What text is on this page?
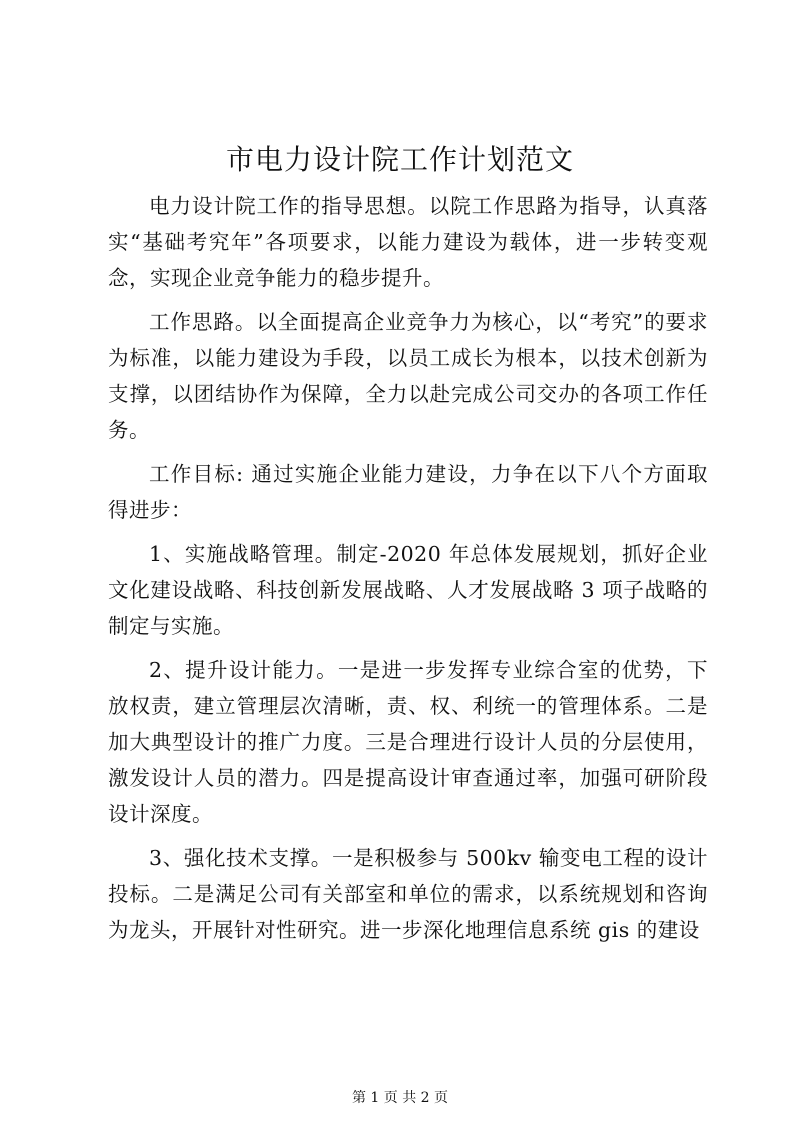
市电力设计院工作计划范文

电力设计院工作的指导思想。以院工作思路为指导，认真落实“基础考究年”各项要求，以能力建设为载体，进一步转变观念，实现企业竞争能力的稳步提升。

工作思路。以全面提高企业竞争力为核心，以“考究”的要求为标准，以能力建设为手段，以员工成长为根本，以技术创新为支撑，以团结协作为保障，全力以赴完成公司交办的各项工作任务。

工作目标: 通过实施企业能力建设，力争在以下八个方面取得进步：

1、实施战略管理。制定-2020 年总体发展规划，抓好企业文化建设战略、科技创新发展战略、人才发展战略 3 项子战略的制定与实施。

2、提升设计能力。一是进一步发挥专业综合室的优势，下放权责，建立管理层次清晰，责、权、利统一的管理体系。二是加大典型设计的推广力度。三是合理进行设计人员的分层使用，激发设计人员的潜力。四是提高设计审查通过率，加强可研阶段设计深度。

3、强化技术支撑。一是积极参与 500kv 输变电工程的设计投标。二是满足公司有关部室和单位的需求，以系统规划和咨询为龙头，开展针对性研究。进一步深化地理信息系统 gis 的建设

第 1 页 共 2 页
